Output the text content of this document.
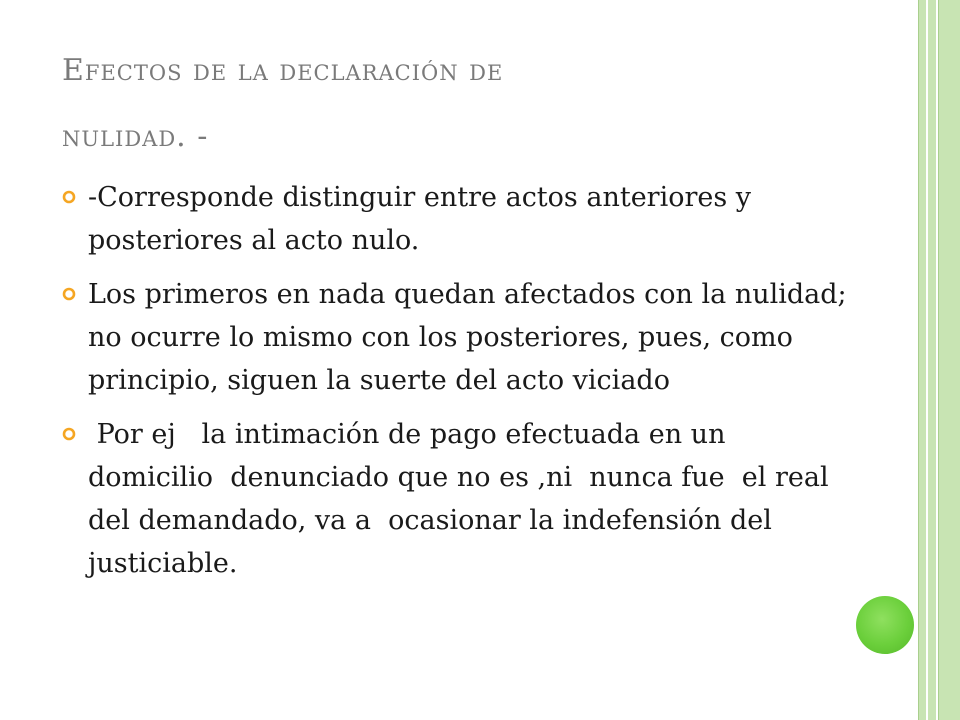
Efectos de la declaración de
nulidad. -
-Corresponde distinguir entre actos anteriores y posteriores al acto nulo.
Los primeros en nada quedan afectados con la nulidad; no ocurre lo mismo con los posteriores, pues, como principio, siguen la suerte del acto viciado
Por ej   la intimación de pago efectuada en un domicilio  denunciado que no es ,ni  nunca fue  el real del demandado, va a  ocasionar la indefensión del justiciable.
